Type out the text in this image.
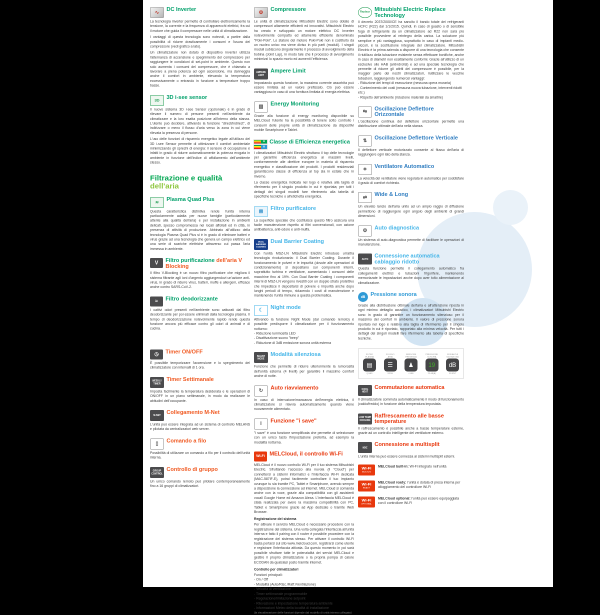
∿ DC Inverter

La tecnologia inverter permette di controllare elettronicamente la tensione, la corrente e la frequenza di apparecchi elettrici, fra cui il motore che guida il compressore nelle unità di climatizzazione.

I vantaggi di questa tecnologia sono notevoli, a partire dalla possibilità di ridurre drasticamente i consumi e l'usura del compressore (vedi grafico a lato).

Un climatizzatore non dotato di dispositivo inverter utilizza l'alternanza di accensione e spegnimento del compressore per raggiungere le condizioni di set-point in ambiente. Questo non solo aumenta i consumi del compressore, che è chiamato a lavorare a piena potenza ad ogni accensione, ma danneggia anche il comfort in ambiente, elevando la temperatura eccessivamente o entrando in funzione a temperature troppo basse.

3D 3D i-see sensor

Il nuovo sistema 3D i-see Sensor (opzionale) è in grado di rilevare il numero di persone presenti nell'ambiente da climatizzare e la loro esatta posizione all'interno della stanza. L'utente può decidere, attivando la funzione "direct/indirect", di indirizzare o meno il flusso d'aria verso la zona in cui viene rilevata la presenza di persone.

L'uso delle funzioni di risparmio energetico legate all'utilizzo del 3D i-see Sensor permette di ottimizzare il comfort ambientale minimizzando gli sprechi di energia: il sensore di occupazione è infatti in grado di ridurre automaticamente la potenza erogata in ambiente in funzione dell'indice di affollamento dell'ambiente stesso.

Filtrazione e qualità dell'aria
≋ Plasma Quad Plus

Questa caratteristica distintiva rende l'unità interna particolarmente adatta per nuove famiglie (particolarmente attente alla qualità dell'aria) e per installazione in ambienti delicati, spesso compromessa nei locali affollati ed in città, in presenza di attività di produzione. Abbinato all'utilizzo della tecnologia Plasma Quad Plus si è in grado di eliminare batteri e virus grazie ad una tecnologia che genera un campo elettrico ed una serie di scariche elettriche attraverso cui passa l'aria immessa in ambiente.

V Filtro purificazione dell'aria V Blocking

Il filtro V-Blocking è un nuovo filtro purificatore che migliora il sistema filtrante agli ioni d'argento aggiungendovi un'azione anti-virus, in grado di ridurre virus, batteri, muffe e allergeni, efficace anche contro SARS-CoV-2.

≈ Filtro deodorizzante

I cattivi odori presenti nell'ambiente sono catturati dal filtro deodorizzante per poi essere eliminati dalla tecnologia plasma. Il tempo di deodorizzazione notevolmente rapido rende questa funzione ancora più efficace contro gli odori di animali e di cucina.

◷ Timer ON/OFF

È possibile temporizzare l'accensione e lo spegnimento del climatizzatore con intervalli di 1 ora.

WEEKLY TIMER
Timer Settimanale

Imposta facilmente la temperatura desiderata e le operazioni di ON/OFF in un piano settimanale, in modo da realizzare le abitudini dell'occupante.

M-NET Collegamento M-Net

L'unità può essere integrata ad un sistema di controllo MELANS e pilotata da centralizzatori web server.

▯ Comando a filo

Possibilità di utilizzare un comando a filo per il controllo dell'unità interna.

GROUP CONTROL
Controllo di gruppo

Un unico comando remoto può pilotare contemporaneamente fino a 16 gruppi di climatizzatori.

⚙ Compressore

Le unità di climatizzazione Mitsubishi Electric sono dotate di compressori altamente efficienti ed innovativi. Mitsubishi Electric ha creato e sviluppato un motore elettrico DC Inverter notevolmente compatto ed altamente efficiente denominato "Poki-Poki". Lo statore del motore Poki-Poki non è costituito da un nucleo unico ma viene diviso in più parti (moduli). I singoli moduli subiscono singolarmente il processo di avvolgimento della bobina (Joint Lap), in modo tale che il processo di avvolgimento minimizzi lo spazio morto ed aumenti l'efficienza.

AMPERE LIMIT
Ampere Limit

Impostando questa funzione, la massima corrente assorbita può essere limitata ad un valore prefissato. Ciò può essere vantaggioso in caso di una fornitura limitata di energia elettrica.

▥ Energy Monitoring

Grazie alla funzione di energy monitoring disponibile su MELCloud l'utente ha la possibilità di tenere sotto controllo i consumi delle proprie unità di climatizzazione da dispositivi mobile Smartphone e Tablet.

A
A
Classe di Efficienza energetica

I climatizzatori Mitsubishi Electric sfruttano il top delle tecnologie per garantire efficienza energetica ai massimi livelli, conformemente alle direttive europee in materia di risparmio energetico e classificazione dei prodotti. I prodotti residenziali garantiscono classe di efficienza al top sia in estate che in inverno.

La classe energetica indicata nel logo è relativa alla taglia di riferimento per il singolo prodotto in cui è riportata; per tutti i dettagli dei singoli modelli fare riferimento alla tabella di specifiche tecniche o all'etichetta energetica.

▤ Filtro purificatore

La superficie speciale che costituisce questo filtro assicura una facile manutenzione rispetto ai filtri convenzionali, con azione antibatterica, anti-odore e anti-muffa.

DUAL BARRIER COATING
Dual Barrier Coating

Con l'unità MSZ-LN Mitsubishi Electric introduce un'altra tecnologia rivoluzionaria: il Dual Barrier Coating. Durante il funzionamento le polveri e le impurità (dovute alle operazioni di condizionamento) si depositano sui componenti interni, soprattutto turbina e ventilatore, aumentando i consumi delle macchine fino al 19%. Con Dual Barrier Coating i componenti interni di MSZ-LN vengono rivestiti con un doppio strato protettivo che impedisce il depositarsi di polvere e impurità anche dopo lunghi periodi di tempo, riducendo i costi di manutenzione e mantenendo l'unità immune a questa problematica.

☾ Night mode

Attivando la funzione Night Mode (dal comando remoto) è possibile predisporre il climatizzatore per il funzionamento notturno:

- Riduzione luminosità LED
- Disattivazione suono "beep"
- Riduzione di 3dB emissione sonora unità esterna
SILENT MODE
Modalità silenziosa

Funzione che permette di ridurre ulteriormente la rumorosità dell'unità esterna (4 livelli) per garantire il massimo comfort anche di notte.

↻ Auto riavviamento

In caso di interruzione/mancanza dell'energia elettrica, il climatizzatore si riavvia automaticamente quando viene nuovamente alimentato.

i Funzione "i save"

"i save" è una funzione semplificata che permette di selezionare con un unico tasto l'impostazione preferita, ad esempio la modalità notturna.

Wi-Fi MELCloud, il controllo Wi-Fi

MELCloud è il nuovo controllo Wi-Fi per il tuo sistema Mitsubishi Electric. Sfruttando l'accesso alla nuvola (il "Cloud") per connettersi a sistemi informatici e l'interfaccia Wi-Fi dedicata (MAC-587IF-E), potrai facilmente controllare il tuo impianto ovunque tu sia tramite PC, Tablet e Smartphone, avendo sempre a disposizione la connessione ad internet. MELCloud si comanda anche con la voce, grazie alla compatibilità con gli assistenti vocali Google Home ed Amazon Alexa. L'interfaccia MELCloud è stata realizzata per avere la massima compatibilità con PC, Tablet e Smartphone grazie ad App dedicate o tramite Web Browser.

Registrazione del sistema

Per attivare il servizio MELCloud è necessario procedere con la registrazione del sistema. Una volta collegata l'interfaccia all'unità interna e fatto il pairing con il router è possibile procedere con la registrazione del sistema stesso. Per attivare il controllo Wi-Fi basta portarsi sul sito www.melcloud.com, registrarsi come utente e registrare l'interfaccia attivata. Da questo momento in poi sarà possibile sfruttare tutte le potenzialità dei servizi MELCloud e gestire il proprio climatizzatore o la propria pompa di calore ECODAN da qualsiasi posto tramite internet.

Controllo per climatizzatori

Funzioni principali:

- On / Off
- Modalità (Auto/Risc./Raff./Ventilazione)
- Velocità di ventilazione
- Timer settimanale programmabile
- Regolazione/limitazione setpoint
- Rilevazione e impostazione temperatura ambiente
- Informazioni Meteo della località di installazione

(la visualizzazione delle funzioni dipende dal modello di unità interna collegata)

Replace Mitsubishi Electric Replace Technology

Il decreto 2037/2000/CE ha sancito il bando totale dei refrigeranti HCFC (R22) dal 1/1/2015. Quindi, in caso di guasto o di sensibile fuga di refrigerante da un climatizzatore ad R22 non sarà più possibile provvedere al reintegro della carica. La soluzione più semplice e più vantaggiosa, soprattutto in caso di impianti medio-piccoli, è la sostituzione integrale del climatizzatore. Mitsubishi Electric è la prima azienda a disporre di una tecnologia che consente il riutilizzo della tubazione esistente senza effettuare bonifiche, anche in caso di diametri non esattamente conformi. Grazie all'utilizzo di un esclusivo olio HAB (anti-idrolisi) e ad una speciale tecnologia che permette di ridurre gli attriti del compressore è possibile, per la maggior parte dei nostri climatizzatori, riutilizzare le vecchie tubazioni, raggiungendo numerosi vantaggi:

- Riduzione dei tempi di esecuzione (nessuna opera muraria)
- Contenimento dei costi (nessuna nuova tubazione, interventi ridotti etc.)
- Rispetto dell'ambiente (riduzione materiali da smaltire)
⇆ Oscillazione Deflettore Orizzontale

L'oscillazione continua del deflettore orizzontale permette una distribuzione ottimale dell'aria nella stanza.

⇅ Oscillazione Deflettore Verticale

Il deflettore verticale motorizzato consente al flusso dell'aria di raggiungere ogni lato della stanza.

∗ Ventilatore Automatico

La velocità del ventilatore viene regolata in automatico per soddisfare il grado di comfort richiesto.

⇄ Wide & Long

Un elevato lancio dell'aria unito ad un ampio raggio di diffusione permettono di raggiungere ogni angolo degli ambienti di grandi dimensioni.

⚙ Auto diagnostica

Un sistema di auto-diagnostica permette di facilitare le operazioni di manutenzione.

AUTO Connessione automatica cablaggio ridotto

Questa funzione permette il collegamento automatico fra collegamenti elettrici e tubazioni frigorifere, mantenendo memorizzate le impostazioni anche dopo aver tolto alimentazione al climatizzatore.

dB Pressione sonora

Grazie alla distribuzione ottimale dell'aria e all'attenzione riposta in ogni minimo dettaglio acustico, i climatizzatori Mitsubishi Electric sono in grado di garantire un funzionamento silenzioso per il massimo del comfort in ambiente. Il valore di pressione sonora riportato nel logo è relativo alla taglia di riferimento per il singolo prodotto in cui è riportato, rapportato alla minima velocità. Per tutti i dettagli dei singoli modelli fare riferimento alla tabella di specifiche tecniche.

FILTRO
PLASMA
▤
QUAD
FLUSSO
ARIA
☰
WIDE
SENSORE
PRESENZA
♟
i-SEE
PRESSIONE
SONORA
19
19 dB(A)
MODALITÀ
SILENZIOSA
dB
SILENT
COOL HEAT
Commutazione automatica

Il climatizzatore commuta automaticamente il modo di funzionamento (caldo/freddo) in funzione della temperatura impostata.

LOW TEMP COOLING
Raffrescamento alle basse temperature

Il raffrescamento è possibile anche a basse temperature esterne, grazie ad un controllo intelligente del ventilatore esterno.

MXZ Connessione a multisplit

L'unità interna può essere connessa ai sistemi multisplit esterni.

Wi-Fi
BUILT-IN

MELCloud built-in: Wi-Fi integrato nell'unità

Wi-Fi
READY

MELCloud ready: l'unità è dotata di presa interna per alloggiamento del controllore Wi-Fi

Wi-Fi
OPTIONAL

MELCloud optional: l'unità può essere equipaggiata con il controllore Wi-Fi
